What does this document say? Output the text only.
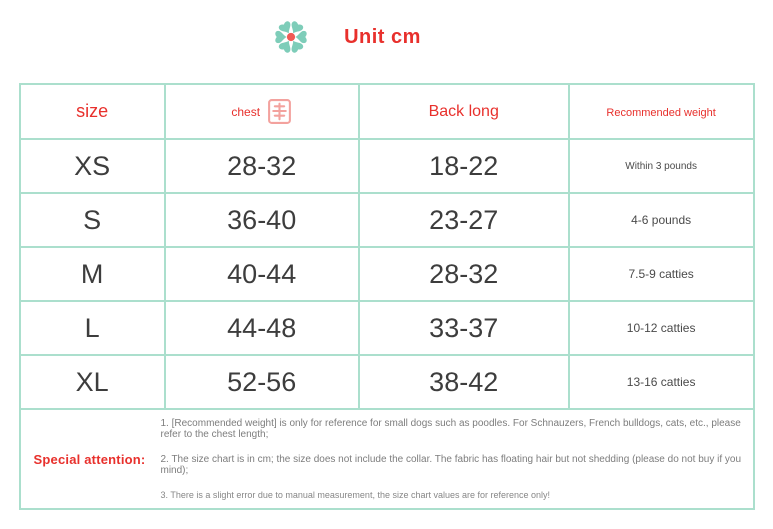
Unit cm
size	chest	Back long	Recommended weight
XS	28-32	18-22	Within 3 pounds
S	36-40	23-27	4-6 pounds
M	40-44	28-32	7.5-9 catties
L	44-48	33-37	10-12 catties
XL	52-56	38-42	13-16 catties
Special attention:
1. [Recommended weight] is only for reference for small dogs such as poodles. For Schnauzers, French bulldogs, cats, etc., please refer to the chest length;
2. The size chart is in cm; the size does not include the collar. The fabric has floating hair but not shedding (please do not buy if you mind);
3. There is a slight error due to manual measurement, the size chart values are for reference only!
